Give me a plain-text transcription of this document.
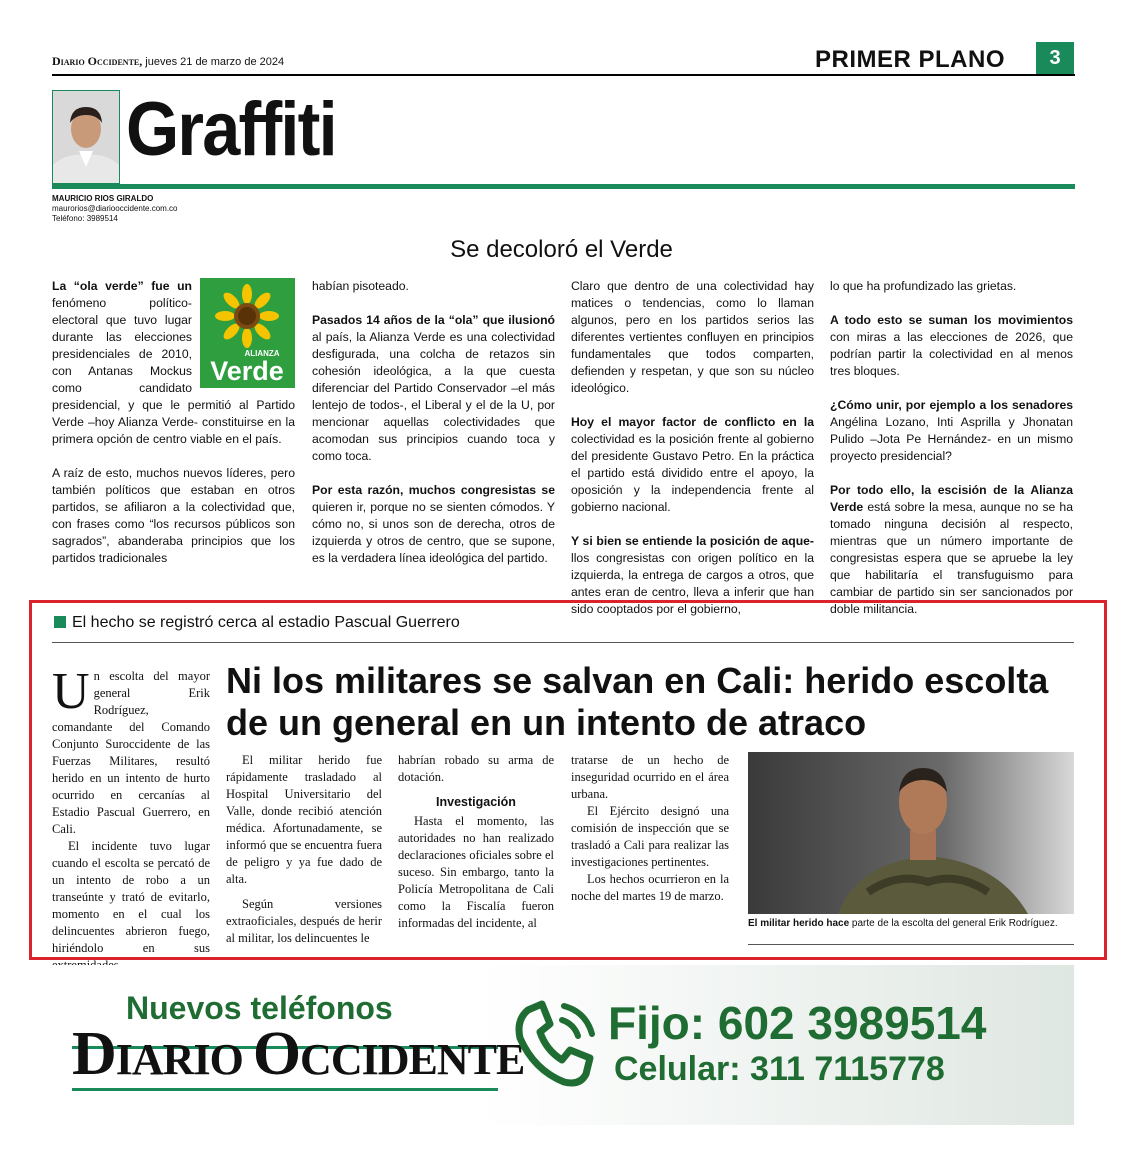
Diario Occidente, jueves 21 de marzo de 2024	PRIMER PLANO	3
Graffiti
MAURICIO RIOS GIRALDO
maurorios@diariooccidente.com.co
Teléfono: 3989514
Se decoloró el Verde
ALIANZA
Verde

La “ola verde” fue un fenómeno político-electoral que tuvo lugar durante las elecciones presidenciales de 2010, con Antanas Mockus como candidato presidencial, y que le permitió al Partido Verde –hoy Alianza Verde- constituirse en la primera opción de centro viable en el país.

A raíz de esto, muchos nuevos líderes, pero también políticos que estaban en otros partidos, se afiliaron a la colectividad que, con frases como “los recursos públicos son sagrados”, abanderaba principios que los partidos tradicionales

habían pisoteado.

Pasados 14 años de la “ola” que ilusionó al país, la Alianza Verde es una colectividad desfigurada, una colcha de retazos sin cohesión ideológica, a la que cuesta diferenciar del Partido Conservador –el más lentejo de todos-, el Liberal y el de la U, por mencionar aquellas colectividades que acomodan sus principios cuando toca y como toca.

Por esta razón, muchos congresistas se quieren ir, porque no se sienten cómodos. Y cómo no, si unos son de derecha, otros de izquierda y otros de centro, que se supone, es la verdadera línea ideológica del partido.

Claro que dentro de una colectividad hay matices o tendencias, como lo llaman algunos, pero en los partidos serios las diferentes vertientes confluyen en principios fundamentales que todos comparten, defienden y respetan, y que son su núcleo ideológico.

Hoy el mayor factor de conflicto en la colectividad es la posición frente al gobierno del presidente Gustavo Petro. En la práctica el partido está dividido entre el apoyo, la oposición y la independencia frente al gobierno nacional.

Y si bien se entiende la posición de aque-llos congresistas con origen político en la izquierda, la entrega de cargos a otros, que antes eran de centro, lleva a inferir que han sido cooptados por el gobierno,

lo que ha profundizado las grietas.

A todo esto se suman los movimientos con miras a las elecciones de 2026, que podrían partir la colectividad en al menos tres bloques.

¿Cómo unir, por ejemplo a los senadores Angélina Lozano, Inti Asprilla y Jhonatan Pulido –Jota Pe Hernández- en un mismo proyecto presidencial?

Por todo ello, la escisión de la Alianza Verde está sobre la mesa, aunque no se ha tomado ninguna decisión al respecto, mientras que un número importante de congresistas espera que se apruebe la ley que habilitaría el transfuguismo para cambiar de partido sin ser sancionados por doble militancia.

El hecho se registró cerca al estadio Pascual Guerrero
Ni los militares se salvan en Cali: herido escolta de un general en un intento de atraco
U n escolta del mayor general Erik Rodríguez, comandante del Comando Conjunto Suroccidente de las Fuerzas Militares, resultó herido en un intento de hurto ocurrido en cercanías al Estadio Pascual Guerrero, en Cali.

El incidente tuvo lugar cuando el escolta se percató de un intento de robo a un transeúnte y trató de evitarlo, momento en el cual los delincuentes abrieron fuego, hiriéndolo en sus

El militar herido fue rápidamente trasladado al Hospital Universitario del Valle, donde recibió atención médica. Afortunadamente, se informó que se encuentra fuera de peligro y ya fue dado de alta.

Según versiones extraoficiales, después de herir al militar, los delincuentes le

habrían robado su arma de dotación.

Investigación

Hasta el momento, las autoridades no han realizado declaraciones oficiales sobre el suceso. Sin embargo, tanto la Policía Metropolitana de Cali como la Fiscalía fueron informadas del incidente, al

tratarse de un hecho de inseguridad ocurrido en el área urbana.

El Ejército designó una comisión de inspección que se trasladó a Cali para realizar las investigaciones pertinentes.

Los hechos ocurrieron en la noche del martes 19 de marzo.

El militar herido hace parte de la escolta del general Erik Rodríguez.
Nuevos teléfonos
DIARIO OCCIDENTE
Fijo: 602 3989514
Celular: 311 7115778
